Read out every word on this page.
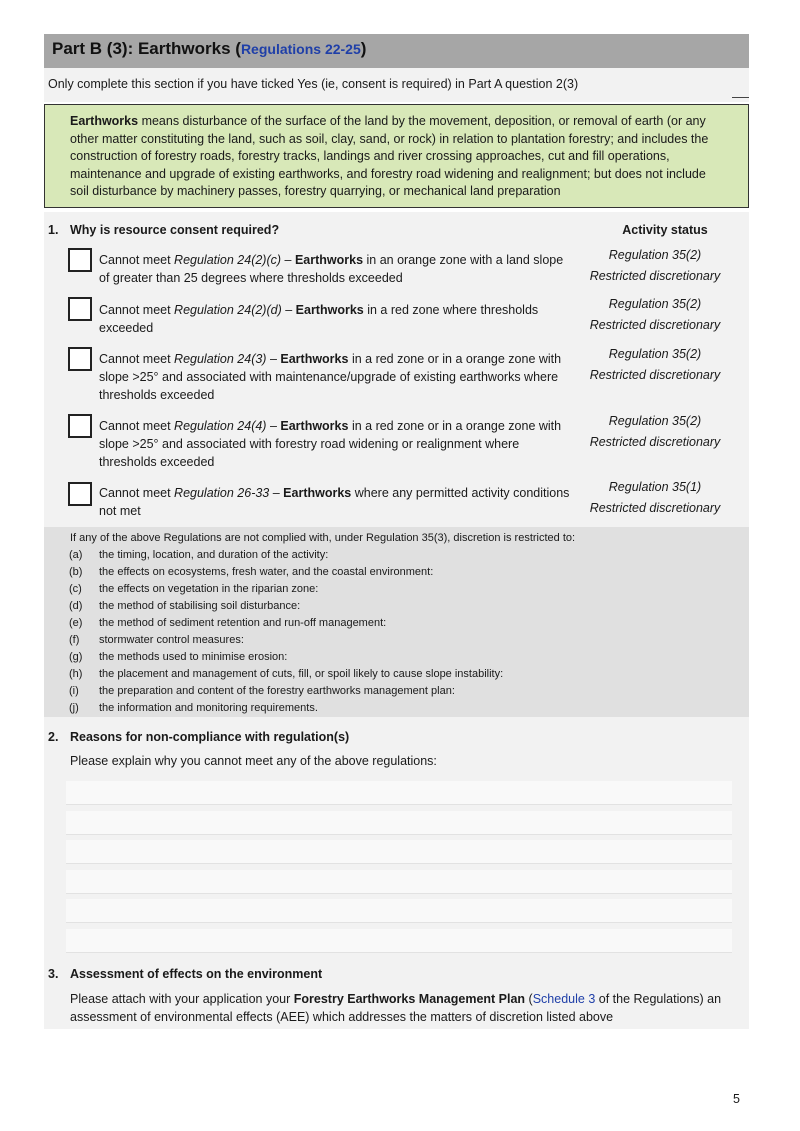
Part B (3): Earthworks (Regulations 22-25)
Only complete this section if you have ticked Yes (ie, consent is required) in Part A question 2(3)
Earthworks means disturbance of the surface of the land by the movement, deposition, or removal of earth (or any other matter constituting the land, such as soil, clay, sand, or rock) in relation to plantation forestry; and includes the construction of forestry roads, forestry tracks, landings and river crossing approaches, cut and fill operations, maintenance and upgrade of existing earthworks, and forestry road widening and realignment; but does not include soil disturbance by machinery passes, forestry quarrying, or mechanical land preparation
1. Why is resource consent required?	Activity status
Cannot meet Regulation 24(2)(c) – Earthworks in an orange zone with a land slope of greater than 25 degrees where thresholds exceeded
Regulation 35(2)
Restricted discretionary
Cannot meet Regulation 24(2)(d) – Earthworks in a red zone where thresholds exceeded
Regulation 35(2)
Restricted discretionary
Cannot meet Regulation 24(3) – Earthworks in a red zone or in a orange zone with slope >25° and associated with maintenance/upgrade of existing earthworks where thresholds exceeded
Regulation 35(2)
Restricted discretionary
Cannot meet Regulation 24(4) – Earthworks in a red zone or in a orange zone with slope >25° and associated with forestry road widening or realignment where thresholds exceeded
Regulation 35(2)
Restricted discretionary
Cannot meet Regulation 26-33 – Earthworks where any permitted activity conditions not met
Regulation 35(1)
Restricted discretionary
If any of the above Regulations are not complied with, under Regulation 35(3), discretion is restricted to:
(a) the timing, location, and duration of the activity:
(b) the effects on ecosystems, fresh water, and the coastal environment:
(c) the effects on vegetation in the riparian zone:
(d) the method of stabilising soil disturbance:
(e) the method of sediment retention and run-off management:
(f) stormwater control measures:
(g) the methods used to minimise erosion:
(h) the placement and management of cuts, fill, or spoil likely to cause slope instability:
(i) the preparation and content of the forestry earthworks management plan:
(j) the information and monitoring requirements.
2. Reasons for non-compliance with regulation(s)
Please explain why you cannot meet any of the above regulations:
3. Assessment of effects on the environment
Please attach with your application your Forestry Earthworks Management Plan (Schedule 3 of the Regulations) an assessment of environmental effects (AEE) which addresses the matters of discretion listed above
5
